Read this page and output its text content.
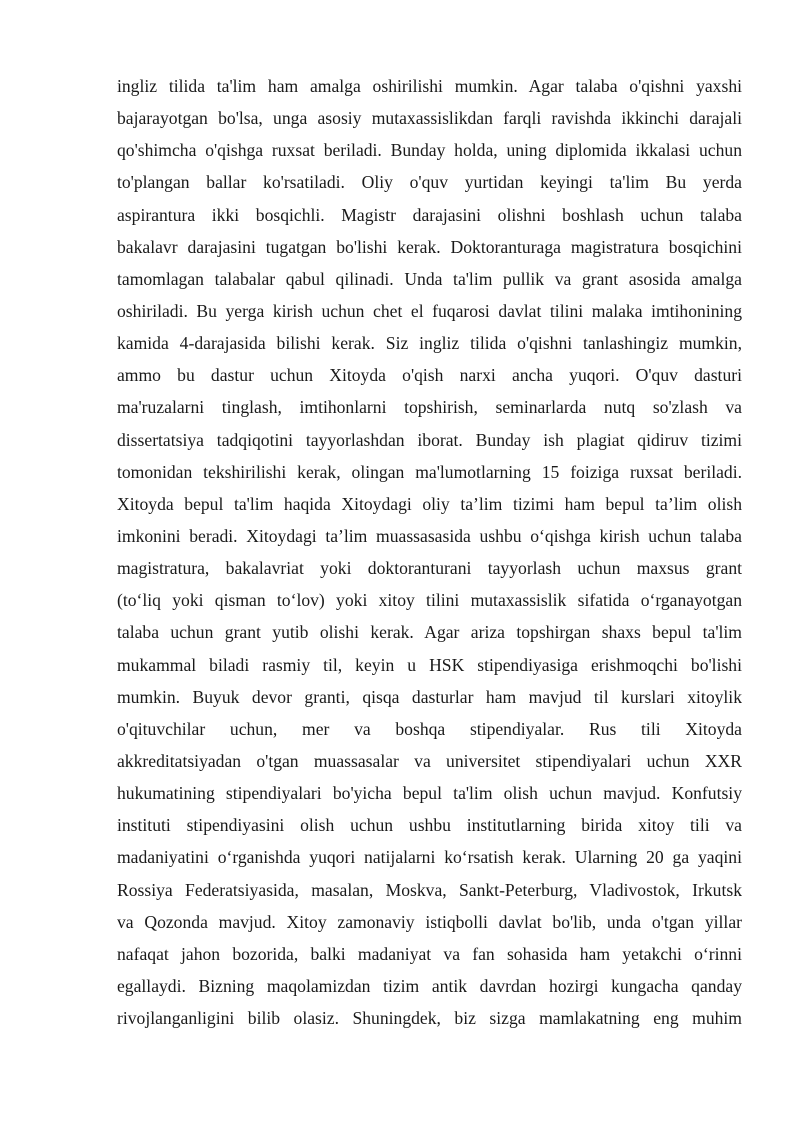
ingliz tilida ta'lim ham amalga oshirilishi mumkin. Agar talaba o'qishni yaxshi
bajarayotgan bo'lsa, unga asosiy mutaxassislikdan farqli ravishda ikkinchi darajali
qo'shimcha o'qishga ruxsat beriladi. Bunday holda, uning diplomida ikkalasi uchun
to'plangan ballar ko'rsatiladi. Oliy o'quv yurtidan keyingi ta'lim Bu yerda
aspirantura ikki bosqichli. Magistr darajasini olishni boshlash uchun talaba
bakalavr darajasini tugatgan bo'lishi kerak. Doktoranturaga magistratura bosqichini
tamomlagan talabalar qabul qilinadi. Unda ta'lim pullik va grant asosida amalga
oshiriladi. Bu yerga kirish uchun chet el fuqarosi davlat tilini malaka imtihonining
kamida 4-darajasida bilishi kerak. Siz ingliz tilida o'qishni tanlashingiz mumkin,
ammo bu dastur uchun Xitoyda o'qish narxi ancha yuqori. O'quv dasturi
ma'ruzalarni tinglash, imtihonlarni topshirish, seminarlarda nutq so'zlash va
dissertatsiya tadqiqotini tayyorlashdan iborat. Bunday ish plagiat qidiruv tizimi
tomonidan tekshirilishi kerak, olingan ma'lumotlarning 15 foiziga ruxsat beriladi.
Xitoyda bepul ta'lim haqida Xitoydagi oliy ta’lim tizimi ham bepul ta’lim olish
imkonini beradi. Xitoydagi ta’lim muassasasida ushbu o‘qishga kirish uchun talaba
magistratura, bakalavriat yoki doktoranturani tayyorlash uchun maxsus grant
(to‘liq yoki qisman to‘lov) yoki xitoy tilini mutaxassislik sifatida o‘rganayotgan
talaba uchun grant yutib olishi kerak. Agar ariza topshirgan shaxs bepul ta'lim
mukammal biladi rasmiy til, keyin u HSK stipendiyasiga erishmoqchi bo'lishi
mumkin. Buyuk devor granti, qisqa dasturlar ham mavjud til kurslari xitoylik
o'qituvchilar uchun, mer va boshqa stipendiyalar. Rus tili Xitoyda
akkreditatsiyadan o'tgan muassasalar va universitet stipendiyalari uchun XXR
hukumatining stipendiyalari bo'yicha bepul ta'lim olish uchun mavjud. Konfutsiy
instituti stipendiyasini olish uchun ushbu institutlarning birida xitoy tili va
madaniyatini o‘rganishda yuqori natijalarni ko‘rsatish kerak. Ularning 20 ga yaqini
Rossiya Federatsiyasida, masalan, Moskva, Sankt-Peterburg, Vladivostok, Irkutsk
va Qozonda mavjud. Xitoy zamonaviy istiqbolli davlat bo'lib, unda o'tgan yillar
nafaqat jahon bozorida, balki madaniyat va fan sohasida ham yetakchi o‘rinni
egallaydi. Bizning maqolamizdan tizim antik davrdan hozirgi kungacha qanday
rivojlanganligini bilib olasiz. Shuningdek, biz sizga mamlakatning eng muhim
